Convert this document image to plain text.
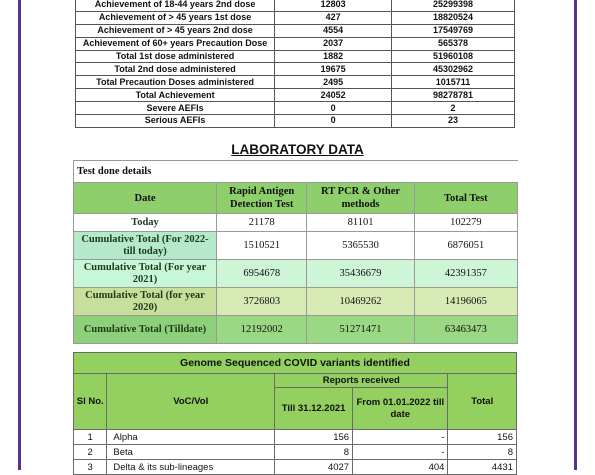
Achievement of 18-44 years 2nd dose	12803	25299398
Achievement of > 45 years 1st dose	427	18820524
Achievement of > 45 years 2nd dose	4554	17549769
Achievement of 60+ years Precaution Dose	2037	565378
Total 1st dose administered	1882	51960108
Total 2nd dose administered	19675	45302962
Total Precaution Doses administered	2495	1015711
Total Achievement	24052	98278781
Severe AEFIs	0	2
Serious AEFIs	0	23
LABORATORY DATA
Test done details			
Date	Rapid Antigen Detection Test	RT PCR & Other methods	Total Test
Today	21178	81101	102279
Cumulative Total (For 2022- till today)	1510521	5365530	6876051
Cumulative Total (For year 2021)	6954678	35436679	42391357
Cumulative Total (for year 2020)	3726803	10469262	14196065
Cumulative Total (Tilldate)	12192002	51271471	63463473
Genome Sequenced COVID variants identified				
Sl No.	VoC/VoI	Reports received		Total
		Till 31.12.2021	From 01.01.2022 till date	
1	Alpha	156	-	156
2	Beta	8	-	8
3	Delta & its sub-lineages	4027	404	4431
